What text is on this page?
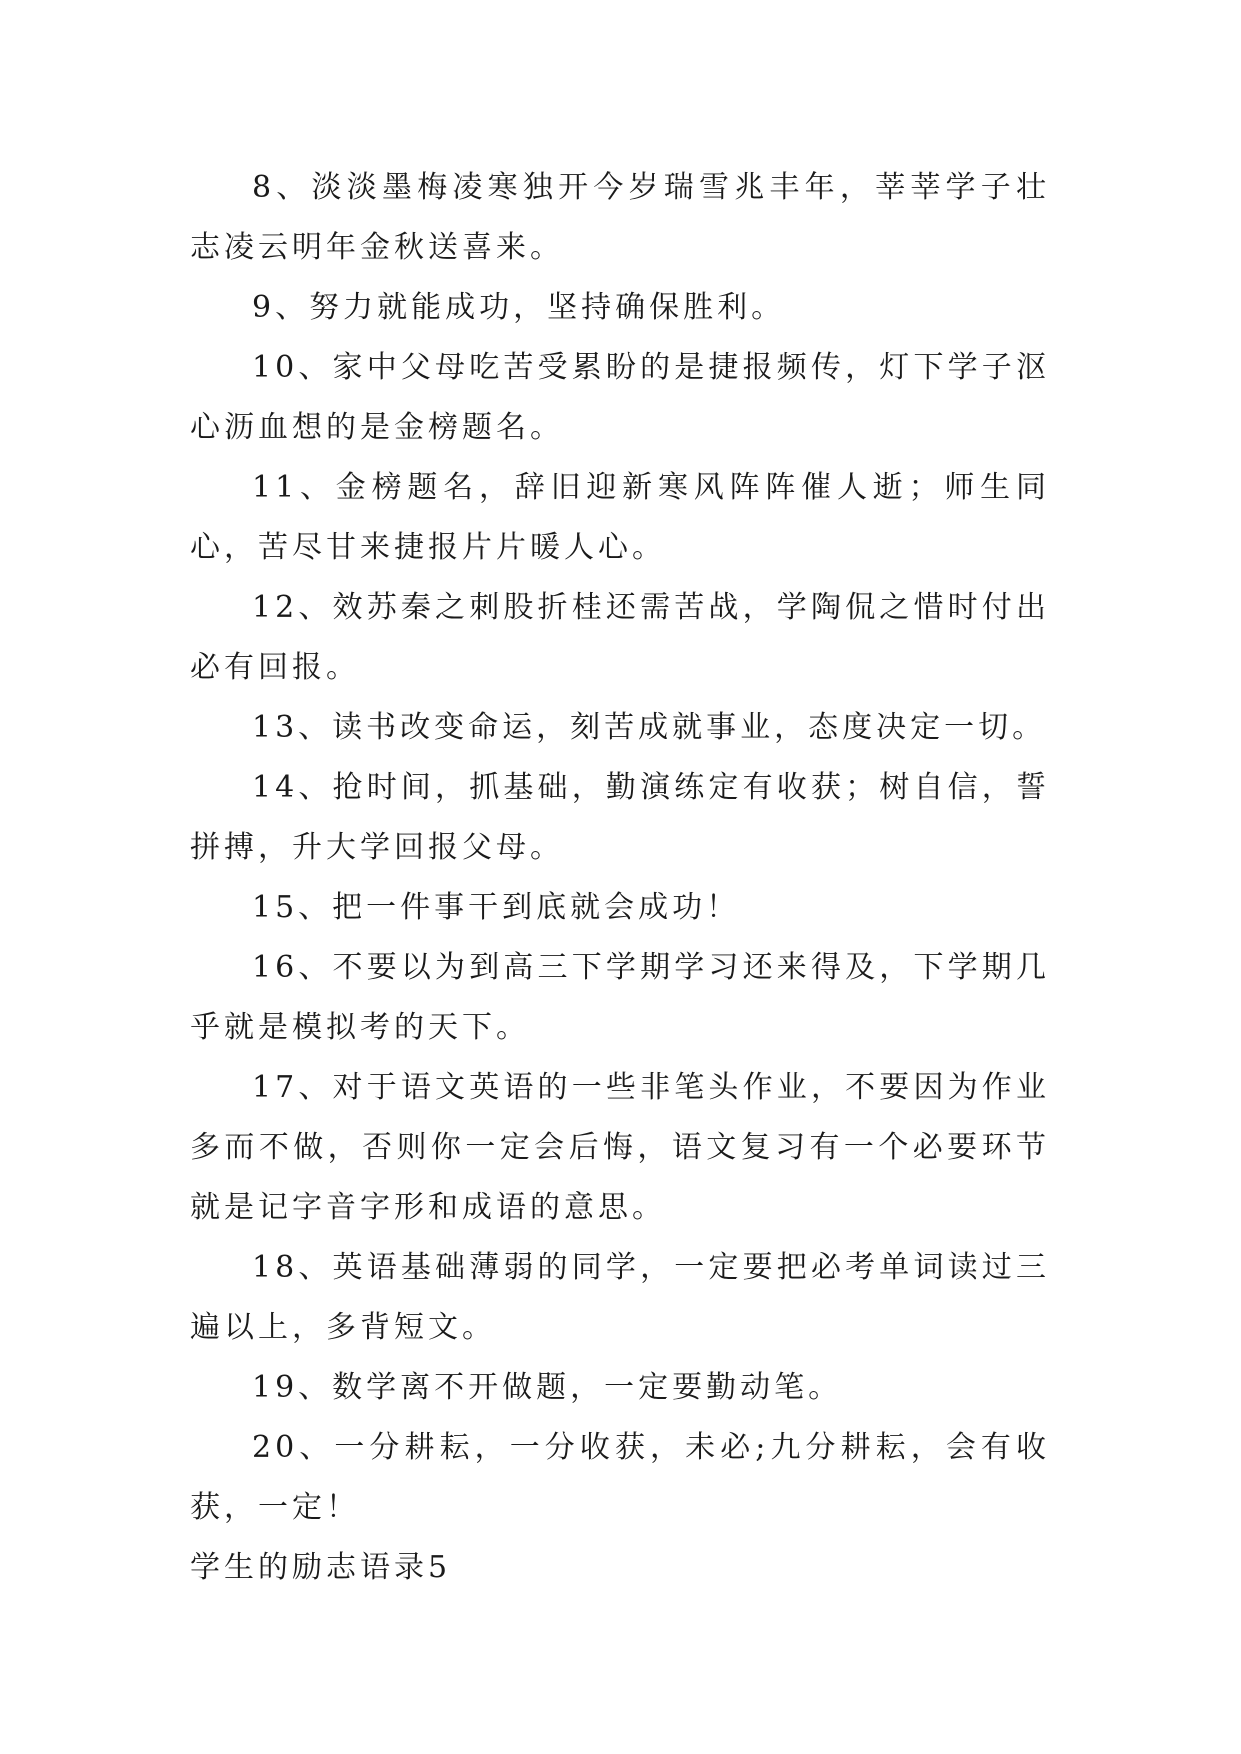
8、淡淡墨梅凌寒独开今岁瑞雪兆丰年，莘莘学子壮志凌云明年金秋送喜来。

9、努力就能成功，坚持确保胜利。

10、家中父母吃苦受累盼的是捷报频传，灯下学子沤心沥血想的是金榜题名。

11、金榜题名，辞旧迎新寒风阵阵催人逝；师生同心，苦尽甘来捷报片片暖人心。

12、效苏秦之刺股折桂还需苦战，学陶侃之惜时付出必有回报。

13、读书改变命运，刻苦成就事业，态度决定一切。

14、抢时间，抓基础，勤演练定有收获；树自信，誓拼搏，升大学回报父母。

15、把一件事干到底就会成功！

16、不要以为到高三下学期学习还来得及，下学期几乎就是模拟考的天下。

17、对于语文英语的一些非笔头作业，不要因为作业多而不做，否则你一定会后悔，语文复习有一个必要环节就是记字音字形和成语的意思。

18、英语基础薄弱的同学，一定要把必考单词读过三遍以上，多背短文。

19、数学离不开做题，一定要勤动笔。

20、一分耕耘，一分收获，未必;九分耕耘，会有收获，一定！

学生的励志语录5
